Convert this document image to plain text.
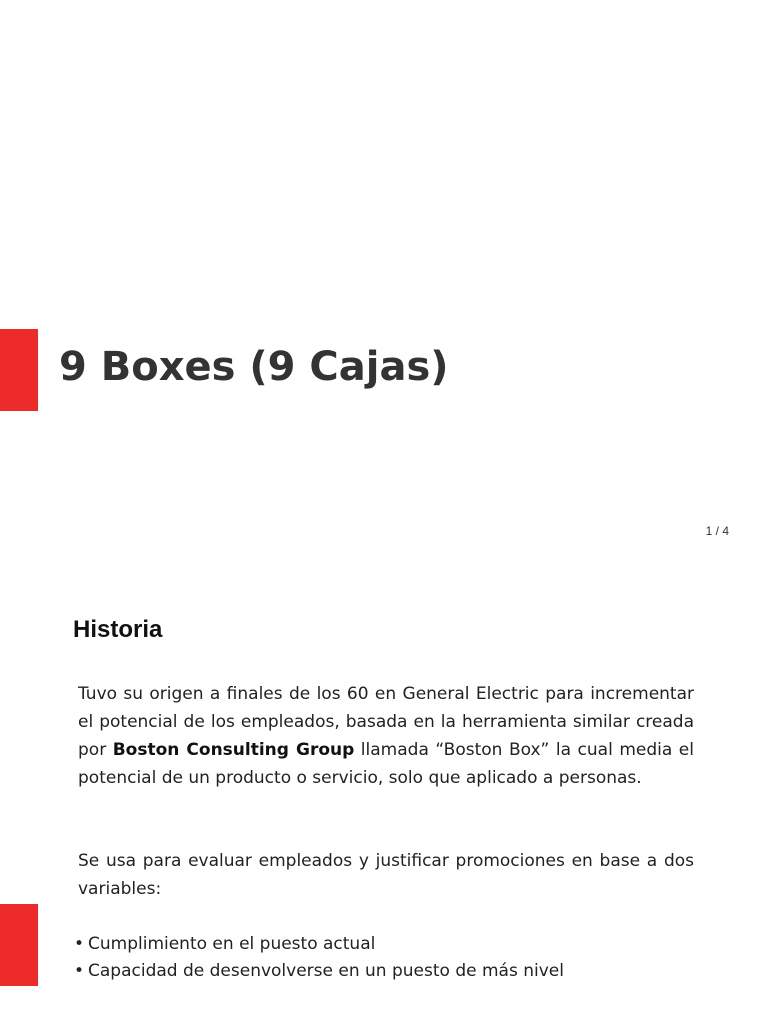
9 Boxes (9 Cajas)
1 / 4
Historia

Tuvo su origen a finales de los 60 en General Electric para incrementar el potencial de los empleados, basada en la herramienta similar creada por Boston Consulting Group llamada “Boston Box” la cual media el potencial de un producto o servicio, solo que aplicado a personas.

Se usa para evaluar empleados y justificar promociones en base a dos variables:

• Cumplimiento en el puesto actual
• Capacidad de desenvolverse en un puesto de más nivel
